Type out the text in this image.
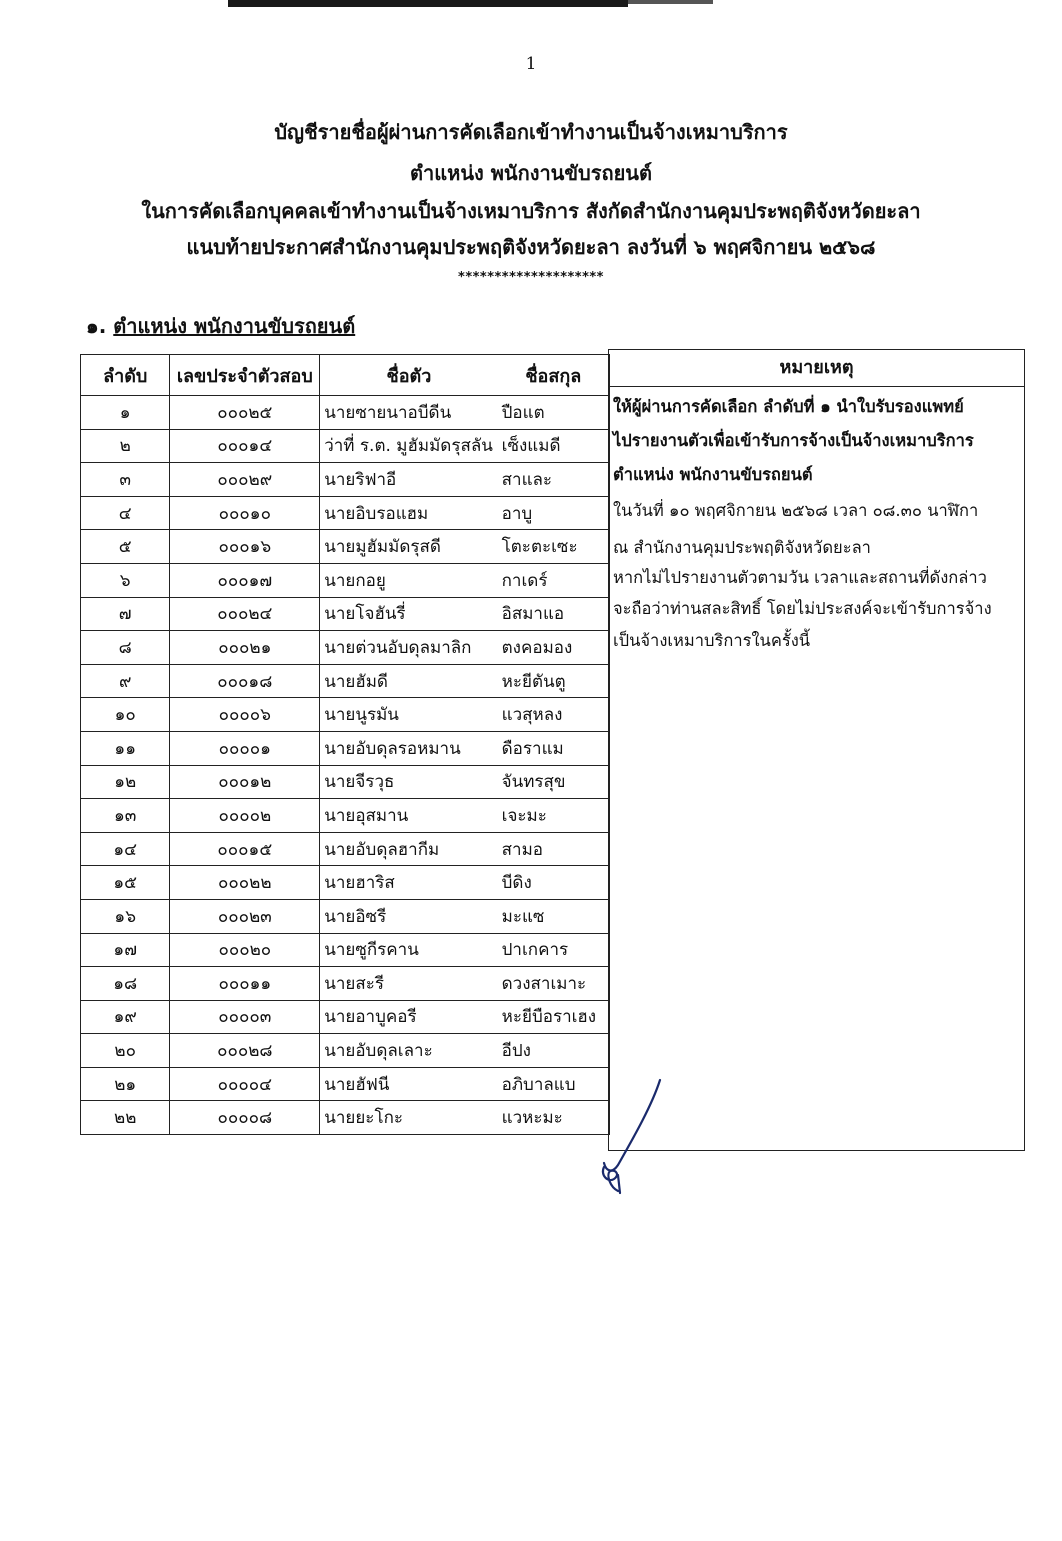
1
บัญชีรายชื่อผู้ผ่านการคัดเลือกเข้าทำงานเป็นจ้างเหมาบริการ
ตำแหน่ง พนักงานขับรถยนต์
ในการคัดเลือกบุคคลเข้าทำงานเป็นจ้างเหมาบริการ สังกัดสำนักงานคุมประพฤติจังหวัดยะลา
แนบท้ายประกาศสำนักงานคุมประพฤติจังหวัดยะลา ลงวันที่ ๖ พฤศจิกายน ๒๕๖๘
********************
๑. ตำแหน่ง พนักงานขับรถยนต์
ลำดับ	เลขประจำตัวสอบ	ชื่อตัว	ชื่อสกุล
๑	๐๐๐๒๕	นายซายนาอบีดีน	ปือแต
๒	๐๐๐๑๔	ว่าที่ ร.ต. มูฮัมมัดรุสลัน	เซ็งแมดี
๓	๐๐๐๒๙	นายริฟาอี	สาและ
๔	๐๐๐๑๐	นายอิบรอแฮม	อาบู
๕	๐๐๐๑๖	นายมูฮัมมัดรุสดี	โตะตะเซะ
๖	๐๐๐๑๗	นายกอยู	กาเดร์
๗	๐๐๐๒๔	นายโจฮันรี่	อิสมาแอ
๘	๐๐๐๒๑	นายต่วนอับดุลมาลิก	ตงคอมอง
๙	๐๐๐๑๘	นายฮัมดี	หะยีตันตู
๑๐	๐๐๐๐๖	นายนูรมัน	แวสุหลง
๑๑	๐๐๐๐๑	นายอับดุลรอหมาน	ดือราแม
๑๒	๐๐๐๑๒	นายจีรวุธ	จันทรสุข
๑๓	๐๐๐๐๒	นายอุสมาน	เจะมะ
๑๔	๐๐๐๑๕	นายอับดุลฮากีม	สามอ
๑๕	๐๐๐๒๒	นายฮาริส	บีดิง
๑๖	๐๐๐๒๓	นายอิซรี	มะแซ
๑๗	๐๐๐๒๐	นายซูกีรคาน	ปาเกคาร
๑๘	๐๐๐๑๑	นายสะรี	ดวงสาเมาะ
๑๙	๐๐๐๐๓	นายอาบูคอรี	หะยีบือราเฮง
๒๐	๐๐๐๒๘	นายอับดุลเลาะ	อีปง
๒๑	๐๐๐๐๔	นายฮัฟนี	อภิบาลแบ
๒๒	๐๐๐๐๘	นายยะโกะ	แวหะมะ
หมายเหตุ

ให้ผู้ผ่านการคัดเลือก ลำดับที่ ๑ นำใบรับรองแพทย์

ไปรายงานตัวเพื่อเข้ารับการจ้างเป็นจ้างเหมาบริการ

ตำแหน่ง พนักงานขับรถยนต์

ในวันที่ ๑๐ พฤศจิกายน ๒๕๖๘ เวลา ๐๘.๓๐ นาฬิกา

ณ สำนักงานคุมประพฤติจังหวัดยะลา

หากไม่ไปรายงานตัวตามวัน เวลาและสถานที่ดังกล่าว

จะถือว่าท่านสละสิทธิ์ โดยไม่ประสงค์จะเข้ารับการจ้าง

เป็นจ้างเหมาบริการในครั้งนี้
